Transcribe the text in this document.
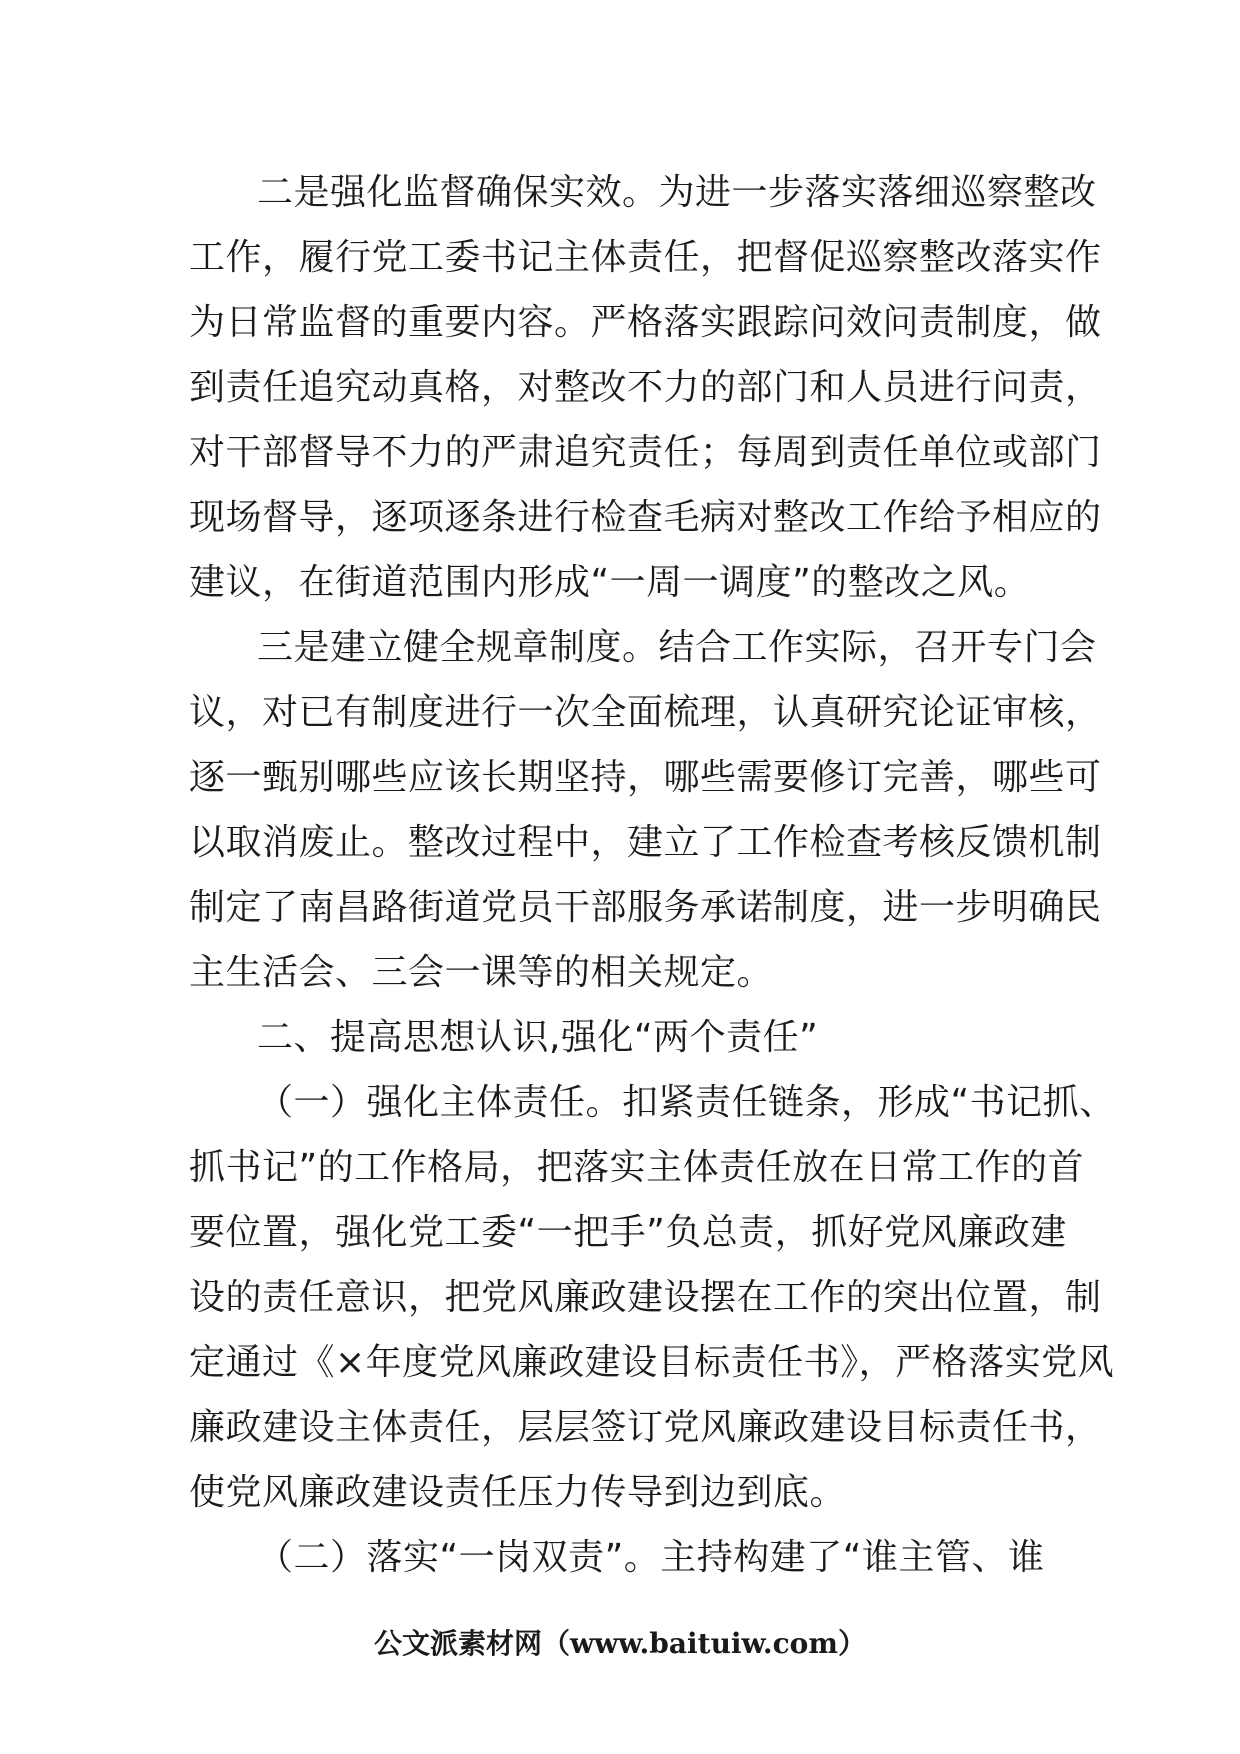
二是强化监督确保实效。为进一步落实落细巡察整改
工作，履行党工委书记主体责任，把督促巡察整改落实作
为日常监督的重要内容。严格落实跟踪问效问责制度，做
到责任追究动真格，对整改不力的部门和人员进行问责，
对干部督导不力的严肃追究责任；每周到责任单位或部门
现场督导，逐项逐条进行检查毛病对整改工作给予相应的
建议，在街道范围内形成“一周一调度”的整改之风。
三是建立健全规章制度。结合工作实际，召开专门会
议，对已有制度进行一次全面梳理，认真研究论证审核，
逐一甄别哪些应该长期坚持，哪些需要修订完善，哪些可
以取消废止。整改过程中，建立了工作检查考核反馈机制
制定了南昌路街道党员干部服务承诺制度，进一步明确民
主生活会、三会一课等的相关规定。
二、提高思想认识,强化“两个责任”
（一）强化主体责任。扣紧责任链条，形成“书记抓、
抓书记”的工作格局，把落实主体责任放在日常工作的首
要位置，强化党工委“一把手”负总责，抓好党风廉政建
设的责任意识，把党风廉政建设摆在工作的突出位置，制
定通过《×年度党风廉政建设目标责任书》，严格落实党风
廉政建设主体责任，层层签订党风廉政建设目标责任书，
使党风廉政建设责任压力传导到边到底。
（二）落实“一岗双责”。主持构建了“谁主管、谁
公文派素材网（www.baituiw.com）
